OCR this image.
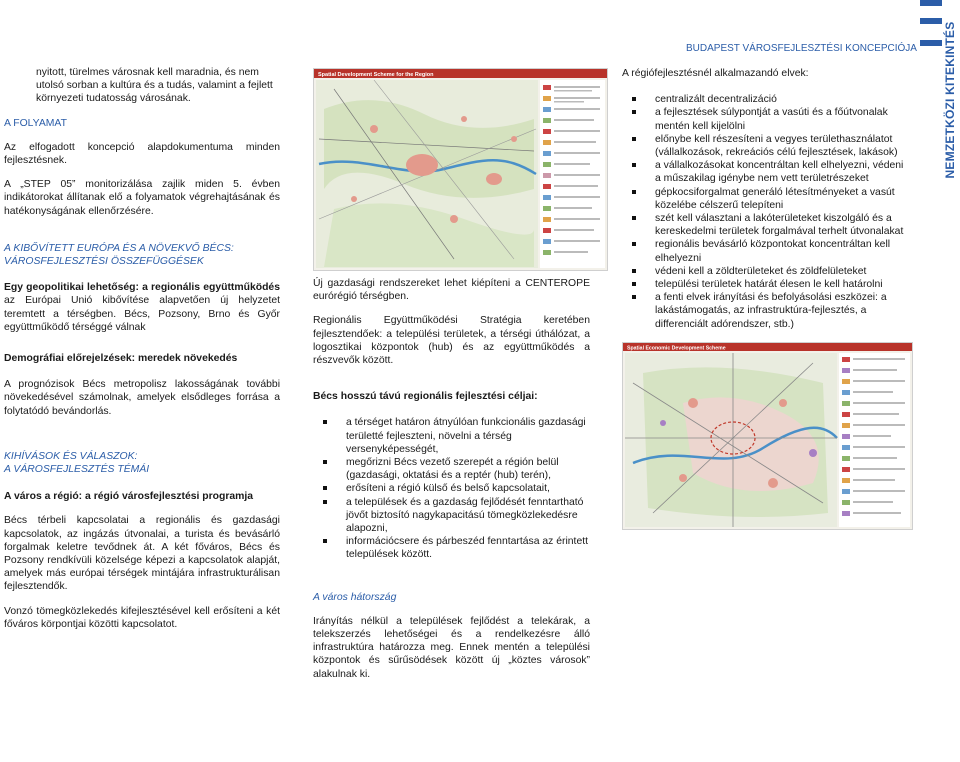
NEMZETKÖZI KITEKINTÉS
BUDAPEST VÁROSFEJLESZTÉSI KONCEPCIÓJA

nyitott, türelmes városnak kell maradnia, és nem utolsó sorban a kultúra és a tudás, valamint a fejlett környezeti tudatosság városának.

A FOLYAMAT

Az elfogadott koncepció alapdokumentuma minden fejlesztésnek.

A „STEP 05” monitorizálása zajlik miden 5. évben indikátorokat állítanak elő a folyamatok végrehajtásának és hatékonyságának ellenőrzésére.

A KIBŐVÍTETT EURÓPA ÉS A NÖVEKVŐ BÉCS:
VÁROSFEJLESZTÉSI ÖSSZEFÜGGÉSEK

Egy geopolitikai lehetőség: a regionális együttműködés az Európai Unió kibővítése alapvetően új helyzetet teremtett a térségben. Bécs, Pozsony, Brno és Győr együttműködő térséggé válnak

Demográfiai előrejelzések: meredek növekedés

A prognózisok Bécs metropolisz lakosságának további növekedésével számolnak, amelyek elsődleges forrása a folytatódó bevándorlás.

KIHÍVÁSOK ÉS VÁLASZOK:
A VÁROSFEJLESZTÉS TÉMÁI
A város a régió: a régió városfejlesztési programja

Bécs térbeli kapcsolatai a regionális és gazdasági kapcsolatok, az ingázás útvonalai, a turista és bevásárló forgalmak keletre tevődnek át. A két főváros, Bécs és Pozsony rendkívüli közelsége képezi a kapcsolatok alapját, amelyek más európai térségek mintájára infrastrukturálisan fejlesztendők.

Vonzó tömegközlekedés kifejlesztésével kell erősíteni a két főváros körpontjai közötti kapcsolatot.

Spatial Development Scheme for the Region

Új gazdasági rendszereket lehet kiépíteni a CENTEROPE eurórégió térségben.

Regionális Együttműködési Stratégia keretében fejlesztendőek: a települési területek, a térségi úthálózat, a logosztikai központok (hub) és az együttműködés a részvevők között.

Bécs hosszú távú regionális fejlesztési céljai:
a térséget határon átnyúlóan funkcionális gazdasági területté fejleszteni, növelni a térség versenyképességét,
megőrizni Bécs vezető szerepét a régión belül (gazdasági, oktatási és a reptér (hub) terén),
erősíteni a régió külső és belső kapcsolatait,
a települések és a gazdaság fejlődését fenntartható jövőt biztosító nagykapacitású tömegközlekedésre alapozni,
információcsere és párbeszéd fenntartása az érintett települések között.
A város hátország

Irányítás nélkül a települések fejlődést a telekárak, a telekszerzés lehetőségei és a rendelkezésre álló infrastruktúra határozza meg. Ennek mentén a települési központok és sűrűsödések között új „köztes városok” alakulnak ki.

A régiófejlesztésnél alkalmazandó elvek:

centralizált decentralizáció
a fejlesztések súlypontját a vasúti és a főútvonalak mentén kell kijelölni
előnybe kell részesíteni a vegyes területhasználatot (vállalkozások, rekreációs célú fejlesztések, lakások)
a vállalkozásokat koncentráltan kell elhelyezni, védeni a műszakilag igénybe nem vett területrészeket
gépkocsiforgalmat generáló létesítményeket a vasút közelébe célszerű telepíteni
szét kell választani a lakóterületeket kiszolgáló és a kereskedelmi területek forgalmával terhelt útvonalakat
regionális bevásárló központokat koncentráltan kell elhelyezni
védeni kell a zöldterületeket és zöldfelületeket
települési területek határát élesen le kell határolni
a fenti elvek irányítási és befolyásolási eszközei: a lakástámogatás, az infrastruktúra-fejlesztés, a differenciált adórendszer, stb.)
Spatial Economic Development Scheme
